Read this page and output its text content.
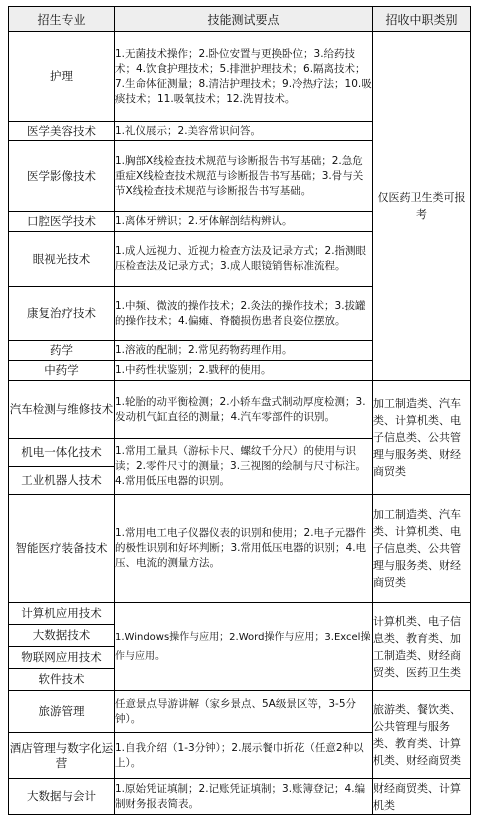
招生专业	技能测试要点	招收中职类别
护理	1.无菌技术操作；2.卧位安置与更换卧位；3.给药技术；4.饮食护理技术；5.排泄护理技术；6.隔离技术；7.生命体征测量；8.清洁护理技术；9.冷热疗法；10.吸痰技术；11.吸氧技术；12.洗胃技术。	仅医药卫生类可报考
医学美容技术	1.礼仪展示；2.美容常识问答。	
医学影像技术	1.胸部X线检查技术规范与诊断报告书写基础；2.急危重症X线检查技术规范与诊断报告书写基础；3.骨与关节X线检查技术规范与诊断报告书写基础。	
口腔医学技术	1.离体牙辨识；2.牙体解剖结构辨认。	
眼视光技术	1.成人远视力、近视力检查方法及记录方式；2.指测眼压检查法及记录方式；3.成人眼镜销售标准流程。	
康复治疗技术	1.中频、微波的操作技术；2.灸法的操作技术；3.拔罐的操作技术；4.偏瘫、脊髓损伤患者良姿位摆放。	
药学	1.溶液的配制；2.常见药物药理作用。	
中药学	1.中药性状鉴别；2.戥秤的使用。	
汽车检测与维修技术	1.轮胎的动平衡检测；2.小轿车盘式制动厚度检测；3.发动机气缸直径的测量；4.汽车零部件的识别。	加工制造类、汽车类、计算机类、电子信息类、公共管理与服务类、财经商贸类
机电一体化技术	1.常用工量具（游标卡尺、螺纹千分尺）的使用与识读；2.零件尺寸的测量；3.三视图的绘制与尺寸标注。4.常用低压电器的识别。	
工业机器人技术		
智能医疗装备技术	1.常用电工电子仪器仪表的识别和使用；2.电子元器件的极性识别和好坏判断；3.常用低压电器的识别；4.电压、电流的测量方法。	加工制造类、汽车类、计算机类、电子信息类、公共管理与服务类、财经商贸类
计算机应用技术	1.Windows操作与应用；2.Word操作与应用；3.Excel操作与应用。	计算机类、电子信息类、教育类、加工制造类、财经商贸类、医药卫生类
大数据技术		
物联网应用技术		
软件技术		
旅游管理	任意景点导游讲解（家乡景点、5A级景区等，3-5分钟）。	旅游类、餐饮类、公共管理与服务类、教育类、计算机类、财经商贸类
酒店管理与数字化运营	1.自我介绍（1-3分钟）；2.展示餐巾折花（任意2种以上）。	
大数据与会计	1.原始凭证填制；2.记账凭证填制；3.账簿登记；4.编制财务报表简表。	财经商贸类、计算机类
